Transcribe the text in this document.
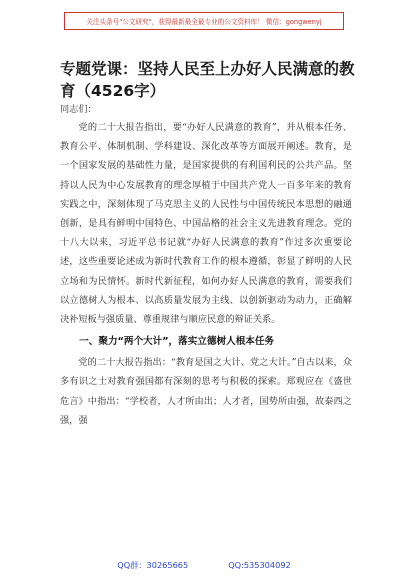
关注头条号"公文研究"，获得最新最全最专业的公文资料库！ 微信：gongwenyj
专题党课：坚持人民至上办好人民满意的教育（4526字）
同志们：

党的二十大报告指出，要“办好人民满意的教育”，并从根本任务、教育公平、体制机制、学科建设、深化改革等方面展开阐述。教育，是一个国家发展的基础性力量，是国家提供的有利国利民的公共产品。坚持以人民为中心发展教育的理念厚植于中国共产党人一百多年来的教育实践之中，深刻体现了马克思主义的人民性与中国传统民本思想的融通创新，是具有鲜明中国特色、中国品格的社会主义先进教育理念。党的十八大以来，习近平总书记就“办好人民满意的教育”作过多次重要论述，这些重要论述成为新时代教育工作的根本遵循，彰显了鲜明的人民立场和为民情怀。新时代新征程，如何办好人民满意的教育，需要我们以立德树人为根本、以高质量发展为主线、以创新驱动为动力，正确解决补短板与强质量、尊重规律与顺应民意的辩证关系。

一、聚力“两个大计”，落实立德树人根本任务

党的二十大报告指出：“教育是国之大计、党之大计。”自古以来，众多有识之士对教育强国都有深刻的思考与积极的探索。郑观应在《盛世危言》中指出：“学校者，人才所由出；人才者，国势所由强，故泰西之强，强

QQ群：30265665	QQ:535304092
